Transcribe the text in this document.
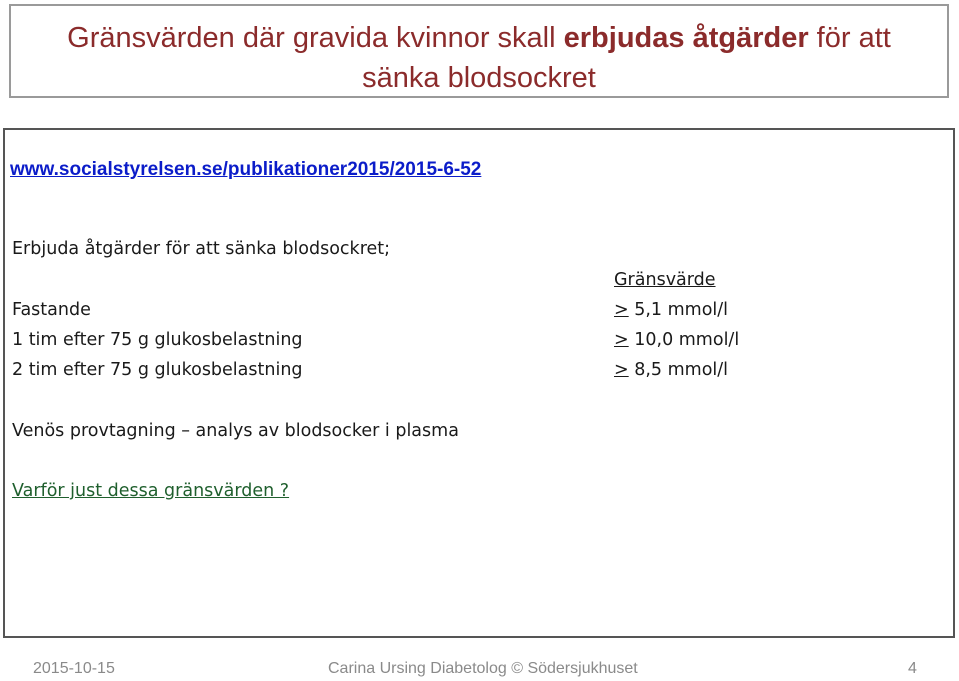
Gränsvärden där gravida kvinnor skall erbjudas åtgärder för att
sänka blodsockret
www.socialstyrelsen.se/publikationer2015/2015-6-52
Erbjuda åtgärder för att sänka blodsockret;
Gränsvärde
Fastande	> 5,1 mmol/l
1 tim efter 75 g glukosbelastning	> 10,0 mmol/l
2 tim efter 75 g glukosbelastning	> 8,5 mmol/l
Venös provtagning – analys av blodsocker i plasma
Varför just dessa gränsvärden ?
2015-10-15	Carina Ursing Diabetolog © Södersjukhuset	4
